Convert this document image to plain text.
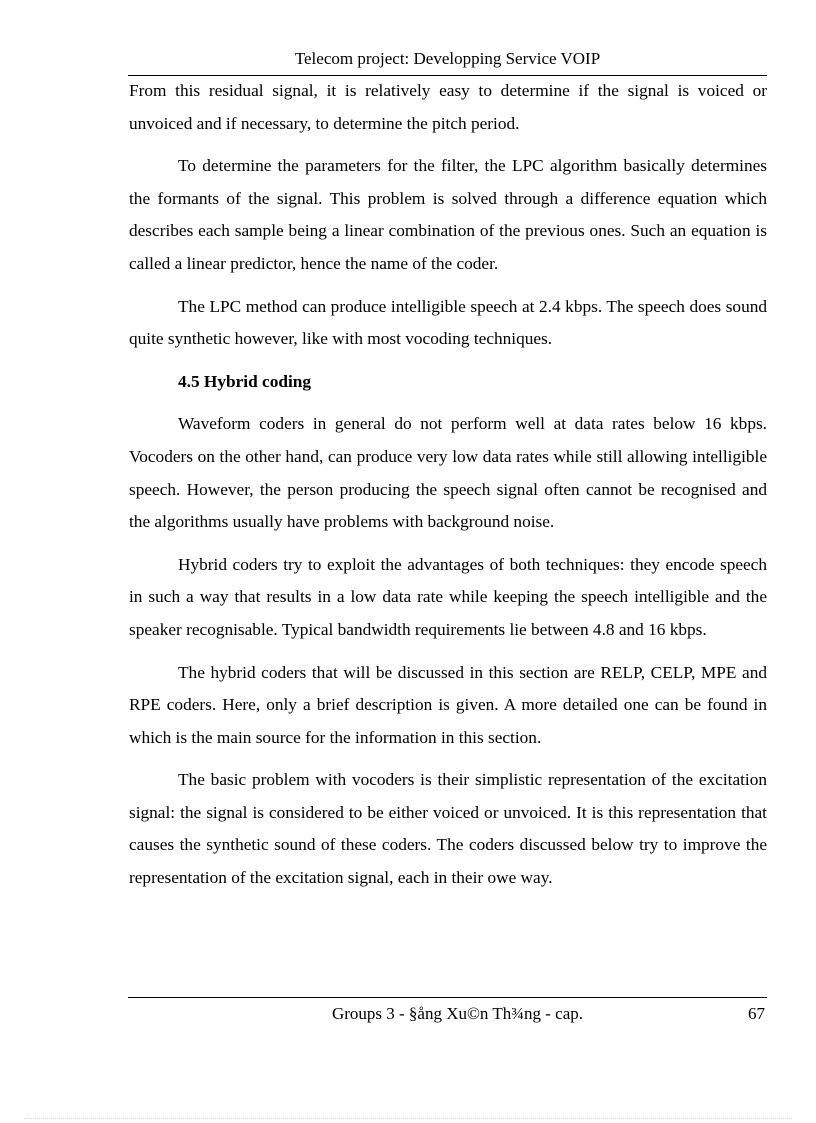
Telecom project: Developping Service VOIP

From this residual signal, it is relatively easy to determine if the signal is voiced or unvoiced and if necessary, to determine the pitch period.

To determine the parameters for the filter, the LPC algorithm basically determines the formants of the signal. This problem is solved through a difference equation which describes each sample being a linear combination of the previous ones. Such an equation is called a linear predictor, hence the name of the coder.

The LPC method can produce intelligible speech at 2.4 kbps. The speech does sound quite synthetic however, like with most vocoding techniques.

4.5 Hybrid coding

Waveform coders in general do not perform well at data rates below 16 kbps. Vocoders on the other hand, can produce very low data rates while still allowing intelligible speech. However, the person producing the speech signal often cannot be recognised and the algorithms usually have problems with background noise.

Hybrid coders try to exploit the advantages of both techniques: they encode speech in such a way that results in a low data rate while keeping the speech intelligible and the speaker recognisable. Typical bandwidth requirements lie between 4.8 and 16 kbps.

The hybrid coders that will be discussed in this section are RELP, CELP, MPE and RPE coders. Here, only a brief description is given. A more detailed one can be found in which is the main source for the information in this section.

The basic problem with vocoders is their simplistic representation of the excitation signal: the signal is considered to be either voiced or unvoiced. It is this representation that causes the synthetic sound of these coders. The coders discussed below try to improve the representation of the excitation signal, each in their owe way.

Groups 3 - §ång Xu©n Th¾ng - cap.	67
